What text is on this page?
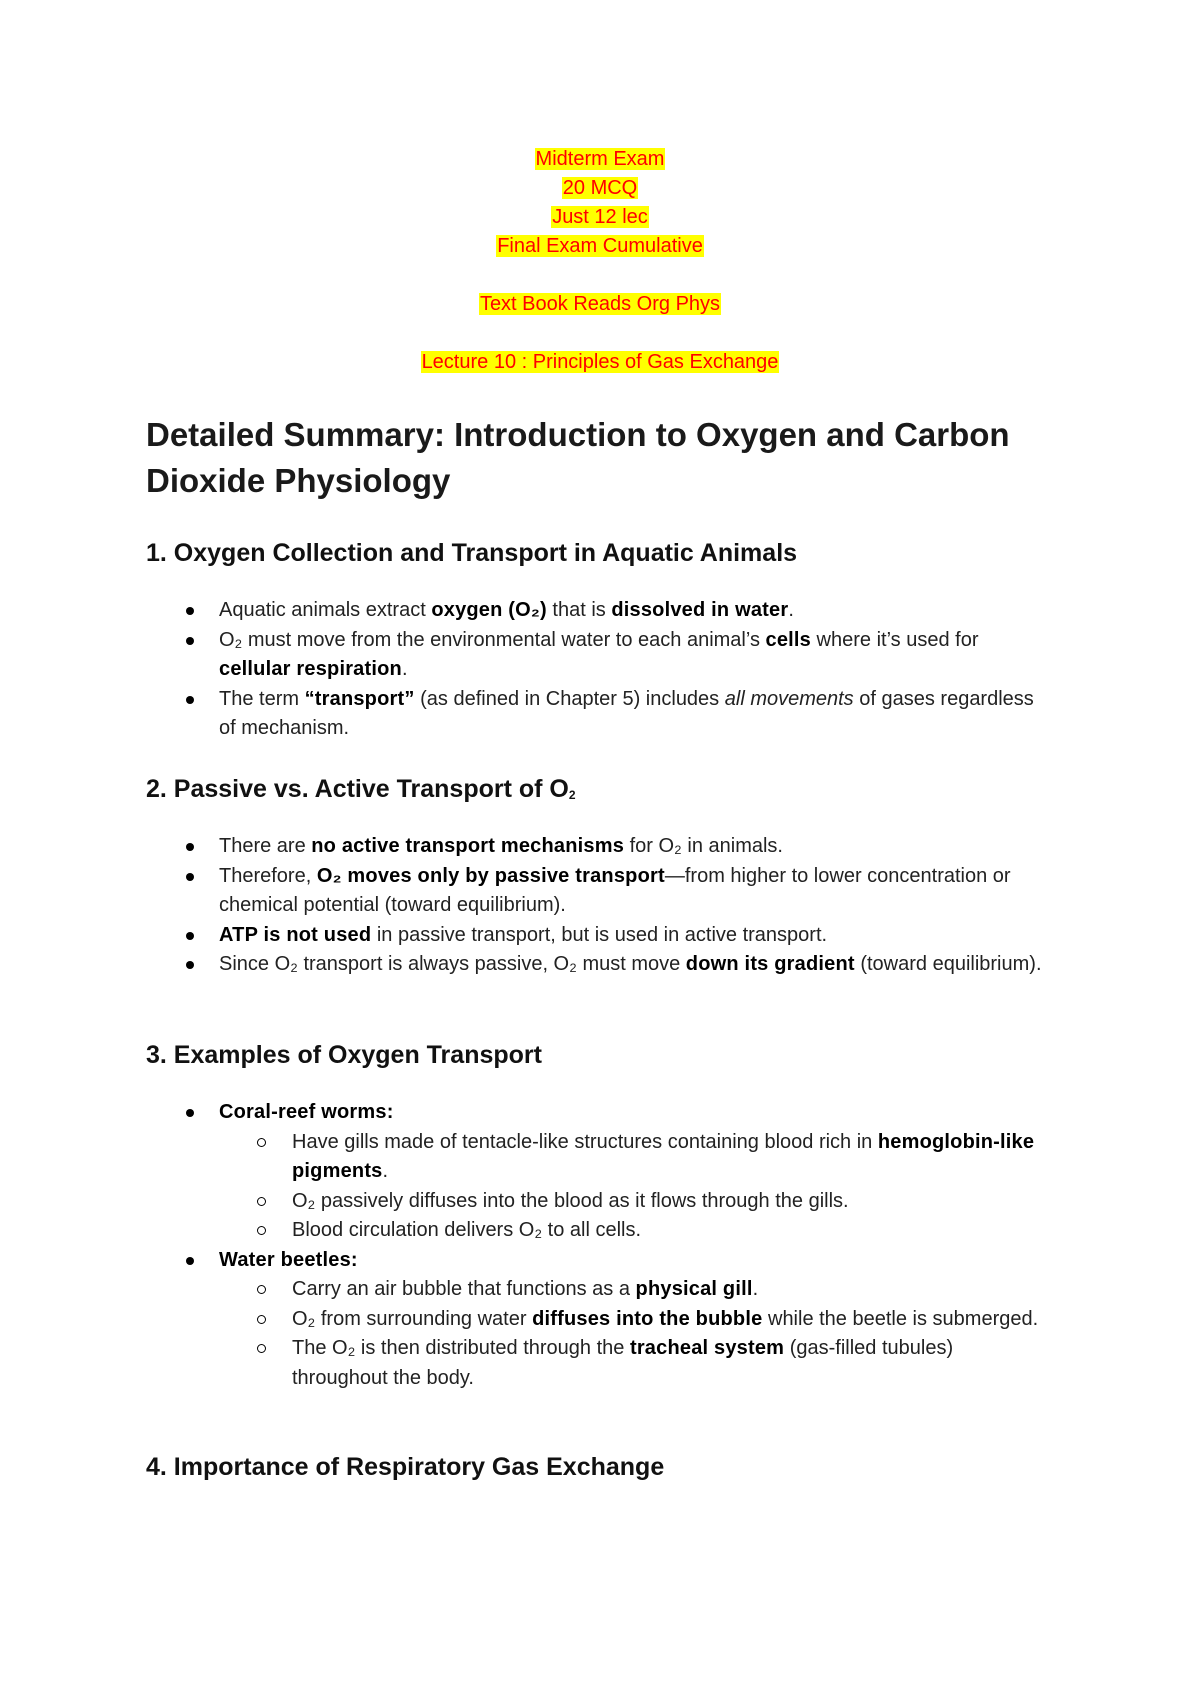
Midterm Exam
20 MCQ
Just 12 lec
Final Exam Cumulative
Text Book Reads Org Phys
Lecture 10 : Principles of Gas Exchange
Detailed Summary: Introduction to Oxygen and Carbon Dioxide Physiology
1. Oxygen Collection and Transport in Aquatic Animals
Aquatic animals extract oxygen (O₂) that is dissolved in water.
O₂ must move from the environmental water to each animal’s cells where it’s used for cellular respiration.
The term “transport” (as defined in Chapter 5) includes all movements of gases regardless of mechanism.
2. Passive vs. Active Transport of $O_2$
There are no active transport mechanisms for O₂ in animals.
Therefore, O₂ moves only by passive transport—from higher to lower concentration or chemical potential (toward equilibrium).
ATP is not used in passive transport, but is used in active transport.
Since O₂ transport is always passive, O₂ must move down its gradient (toward equilibrium).
3. Examples of Oxygen Transport
Coral-reef worms:
Have gills made of tentacle-like structures containing blood rich in hemoglobin-like pigments.
O₂ passively diffuses into the blood as it flows through the gills.
Blood circulation delivers O₂ to all cells.
Water beetles:
Carry an air bubble that functions as a physical gill.
O₂ from surrounding water diffuses into the bubble while the beetle is submerged.
The O₂ is then distributed through the tracheal system (gas-filled tubules) throughout the body.
4. Importance of Respiratory Gas Exchange
